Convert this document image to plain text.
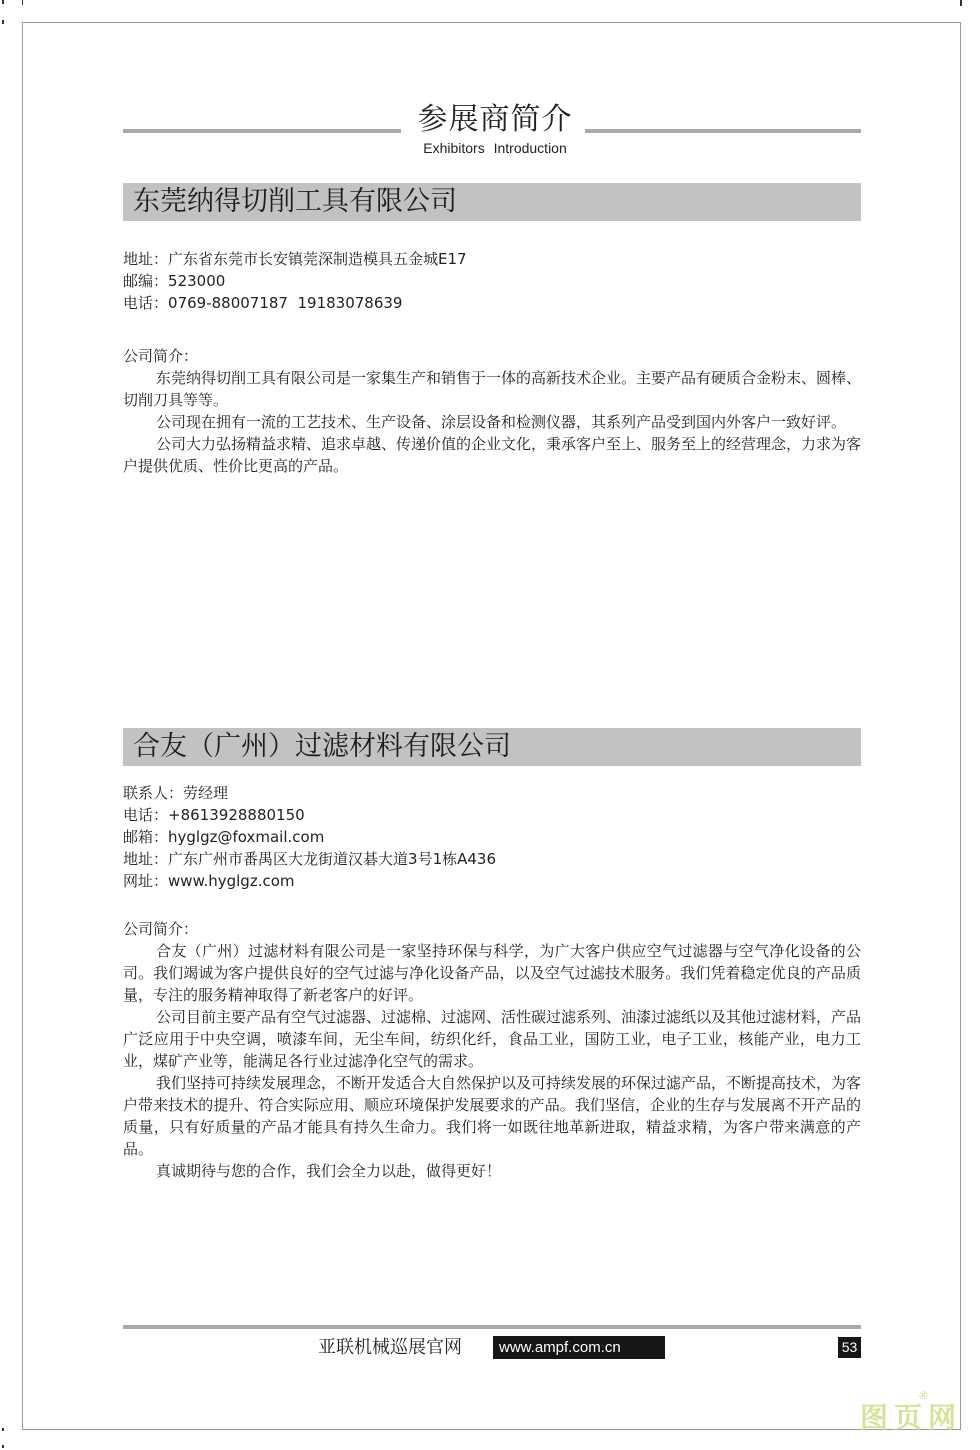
参展商简介
Exhibitors Introduction
东莞纳得切削工具有限公司
地址：广东省东莞市长安镇莞深制造模具五金城E17
邮编：523000
电话：0769-88007187  19183078639
公司简介：

东莞纳得切削工具有限公司是一家集生产和销售于一体的高新技术企业。主要产品有硬质合金粉末、圆棒、切削刀具等等。

公司现在拥有一流的工艺技术、生产设备、涂层设备和检测仪器，其系列产品受到国内外客户一致好评。

公司大力弘扬精益求精、追求卓越、传递价值的企业文化，秉承客户至上、服务至上的经营理念，力求为客户提供优质、性价比更高的产品。

合友（广州）过滤材料有限公司
联系人：劳经理
电话：+8613928880150
邮箱：hyglgz@foxmail.com
地址：广东广州市番禺区大龙街道汉碁大道3号1栋A436
网址：www.hyglgz.com
公司简介：

合友（广州）过滤材料有限公司是一家坚持环保与科学，为广大客户供应空气过滤器与空气净化设备的公司。我们竭诚为客户提供良好的空气过滤与净化设备产品，以及空气过滤技术服务。我们凭着稳定优良的产品质量，专注的服务精神取得了新老客户的好评。

公司目前主要产品有空气过滤器、过滤棉、过滤网、活性碳过滤系列、油漆过滤纸以及其他过滤材料，产品广泛应用于中央空调，喷漆车间，无尘车间，纺织化纤，食品工业，国防工业，电子工业，核能产业，电力工业，煤矿产业等，能满足各行业过滤净化空气的需求。

我们坚持可持续发展理念，不断开发适合大自然保护以及可持续发展的环保过滤产品，不断提高技术，为客户带来技术的提升、符合实际应用、顺应环境保护发展要求的产品。我们坚信，企业的生存与发展离不开产品的质量，只有好质量的产品才能具有持久生命力。我们将一如既往地革新进取，精益求精，为客户带来满意的产品。

真诚期待与您的合作，我们会全力以赴，做得更好！

亚联机械巡展官网	www.ampf.com.cn	53
图页网
®
